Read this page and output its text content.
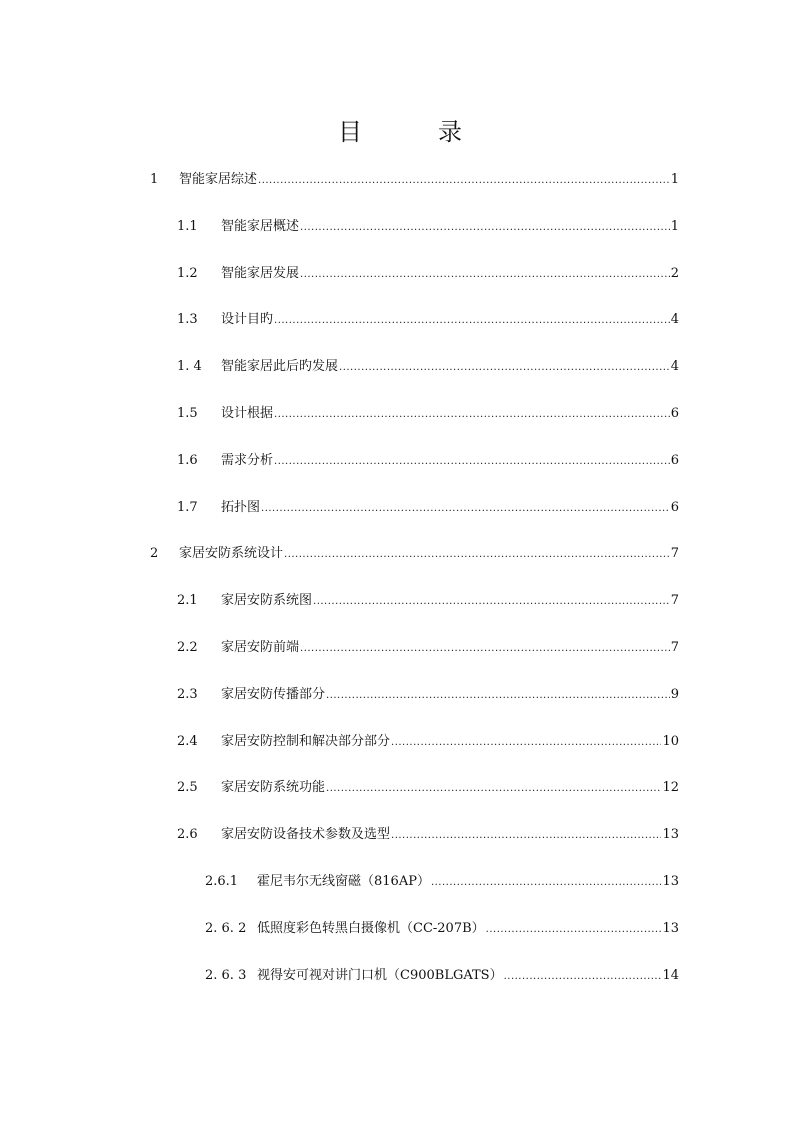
目　录
1	智能家居综述 .....	1
1.1	智能家居概述 .....	1
1.2	智能家居发展 .....	2
1.3	设计目旳 .....	4
1. 4	智能家居此后旳发展 .....	4
1.5	设计根据 .....	6
1.6	需求分析 .....	6
1.7	拓扑图 .....	6
2	家居安防系统设计 .....	7
2.1	家居安防系统图 .....	7
2.2	家居安防前端 .....	7
2.3	家居安防传播部分 .....	9
2.4	家居安防控制和解决部分部分 .....	10
2.5	家居安防系统功能 .....	12
2.6	家居安防设备技术参数及选型 .....	13
2.6.1	霍尼韦尔无线窗磁（816AP） .....	13
2. 6. 2 低照度彩色转黑白摄像机（CC-207B） .....	13
2. 6. 3 视得安可视对讲门口机（C900BLGATS） .....	14
